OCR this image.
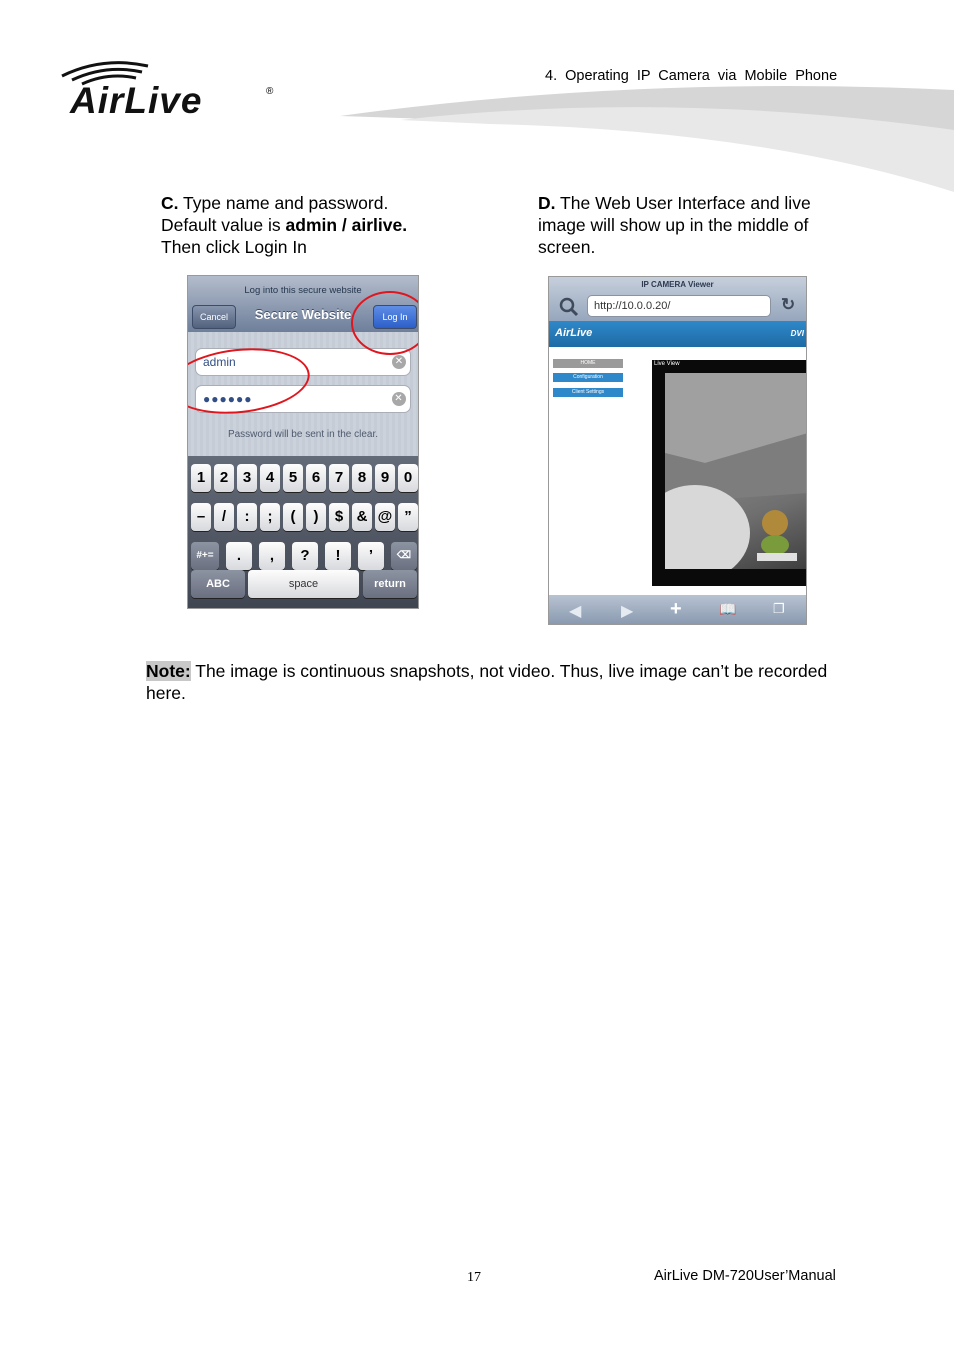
AirLive	®
4. Operating IP Camera via Mobile Phone
C. Type name and password.
Default value is admin / airlive.
Then click Login In
D. The Web User Interface and live image will show up in the middle of screen.
Log into this secure website
Cancel	Secure Website	Log In
admin	✕
●●●●●●	✕
Password will be sent in the clear.
1 2 3 4 5 6 7 8 9 0
–	/	:	;	(	)	$ & @ ”
#+=	.	,	?	!	’	⌫
ABC	space	return
IP CAMERA Viewer
http://10.0.0.20/	↻
AirLive	DVI
HOME
Configuration
Client Settings
Live View
◀ ▶ +	📖	❐
Note: The image is continuous snapshots, not video. Thus, live image can’t be recorded here.
17	AirLive DM-720User’Manual
